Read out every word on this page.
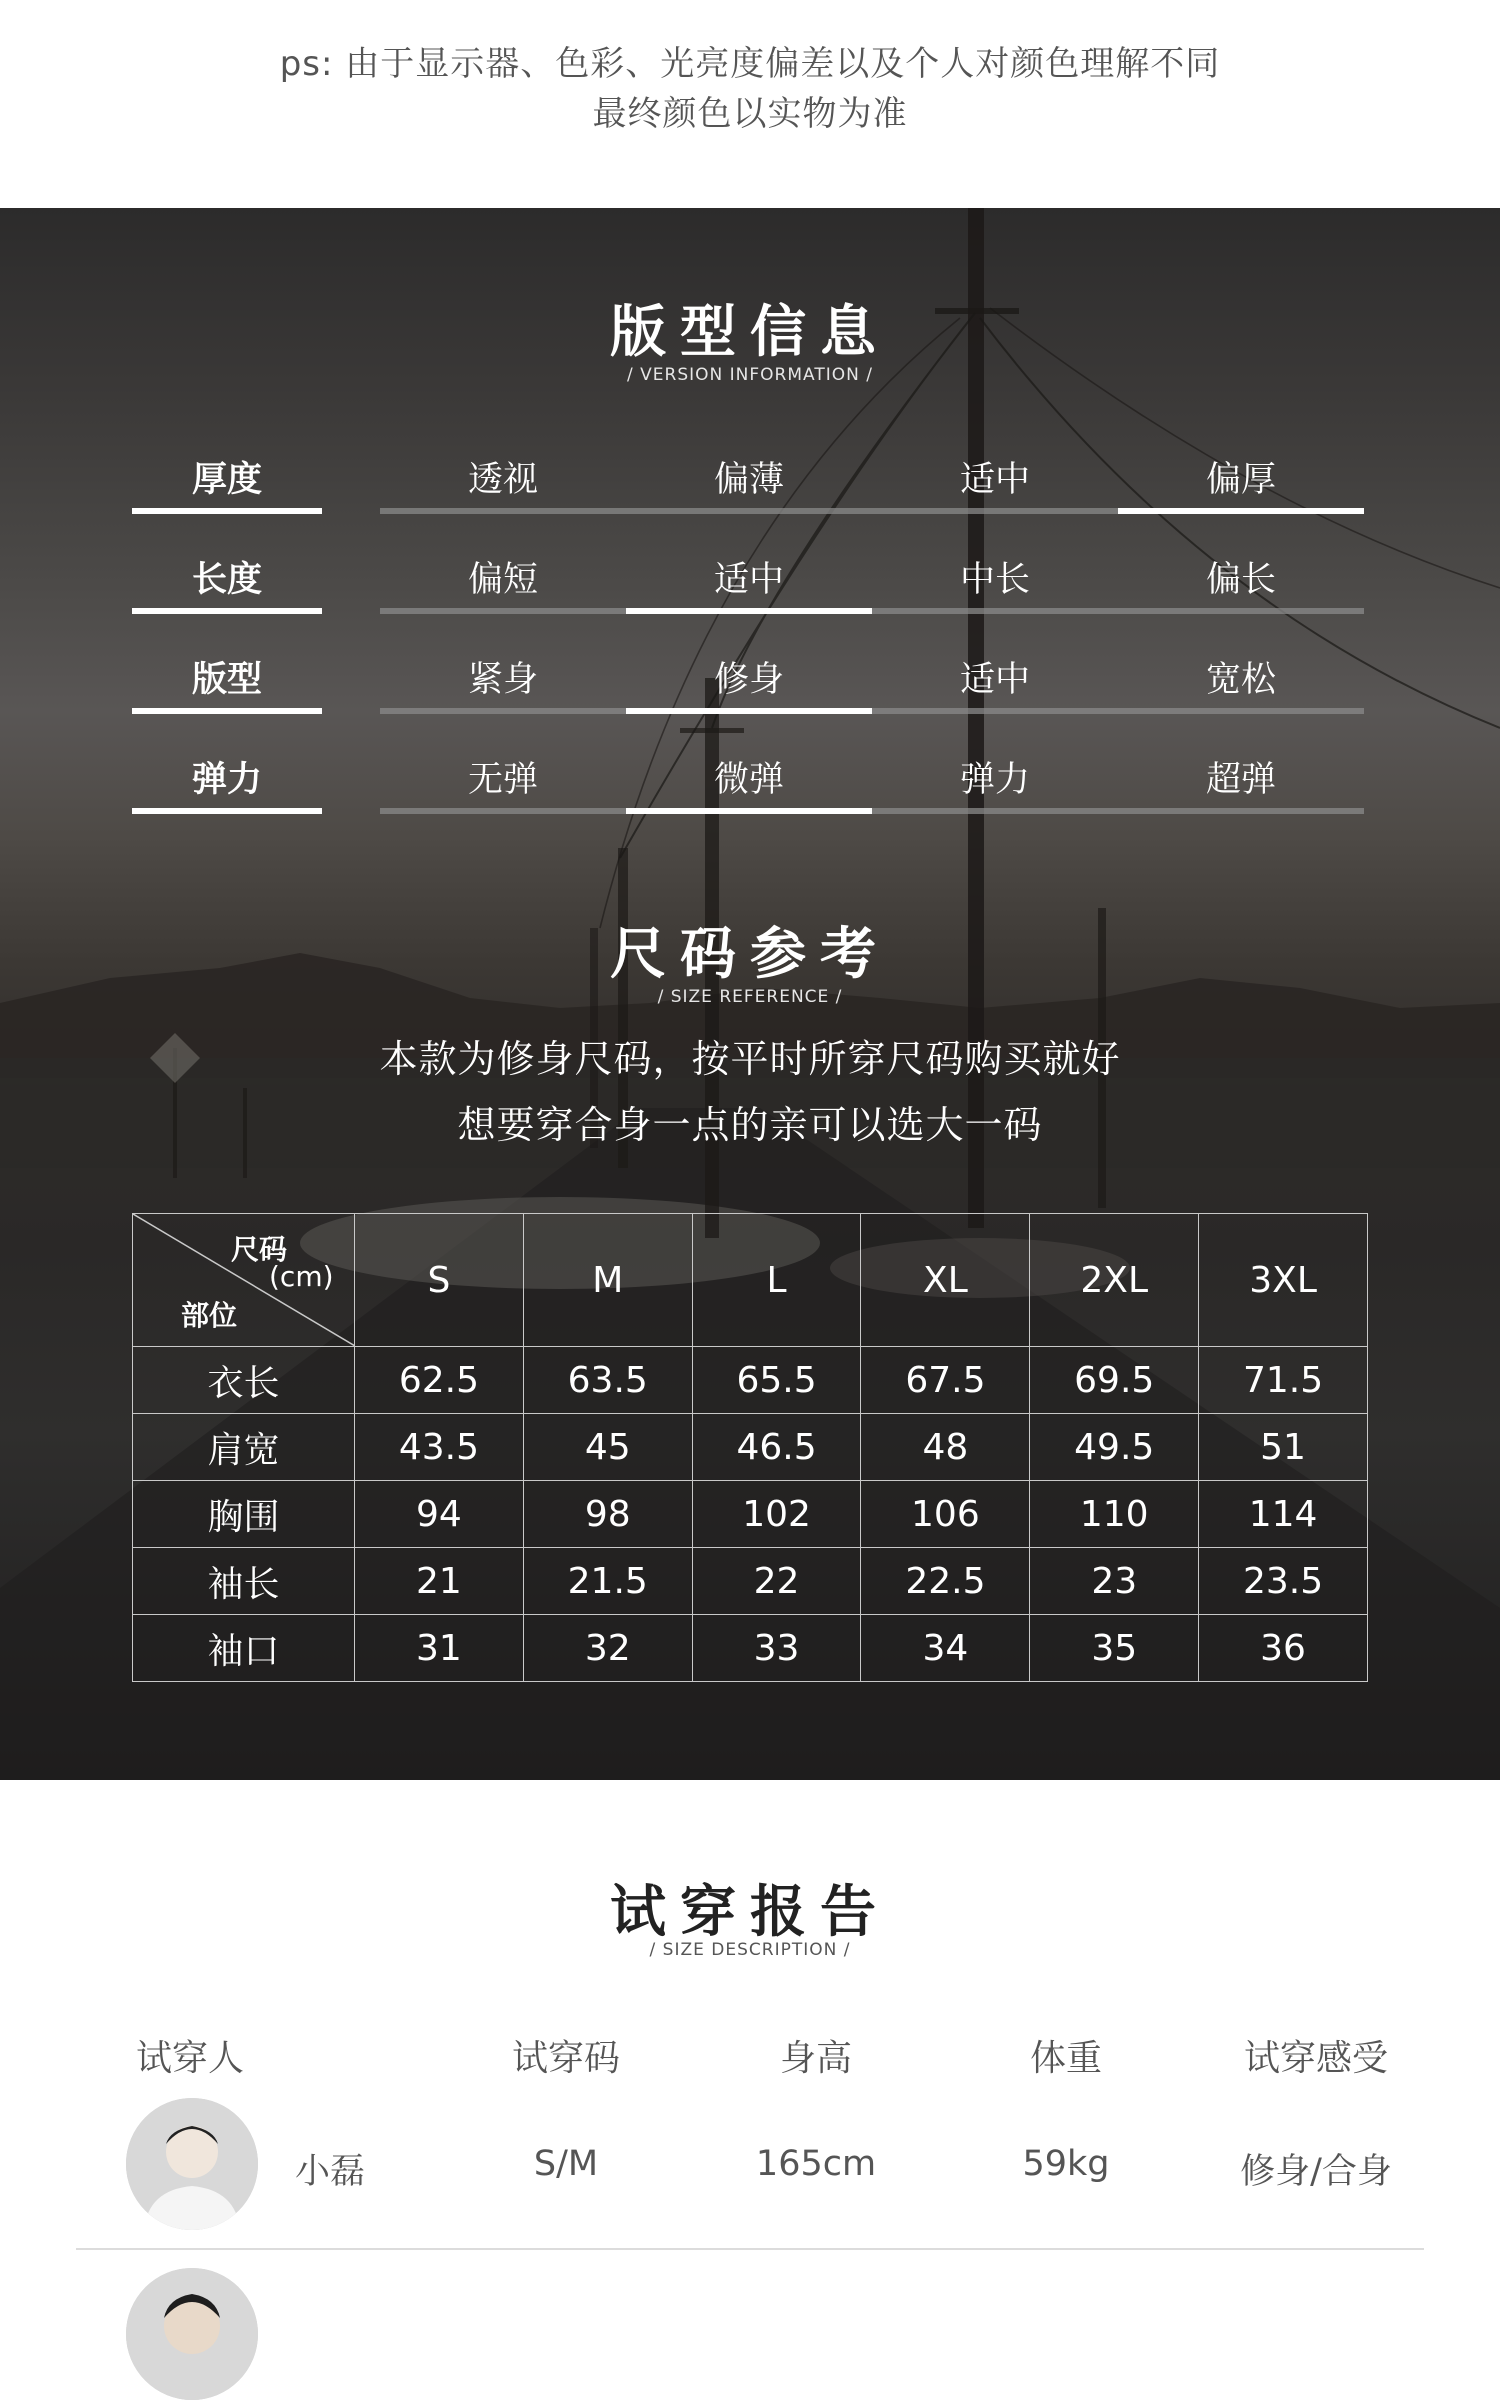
ps: 由于显示器、色彩、光亮度偏差以及个人对颜色理解不同
最终颜色以实物为准
版型信息
/ VERSION INFORMATION /
厚度	透视	偏薄	适中	偏厚
长度	偏短	适中	中长	偏长
版型	紧身	修身	适中	宽松
弹力	无弹	微弹	弹力	超弹
尺码参考
/ SIZE REFERENCE /
本款为修身尺码，按平时所穿尺码购买就好
想要穿合身一点的亲可以选大一码
尺码
(cm)
部位	S	M	L	XL	2XL	3XL
衣长	62.5	63.5	65.5	67.5	69.5	71.5
肩宽	43.5	45	46.5	48	49.5	51
胸围	94	98	102	106	110	114
袖长	21	21.5	22	22.5	23	23.5
袖口	31	32	33	34	35	36
试穿报告
/ SIZE DESCRIPTION /
试穿人	试穿码	身高	体重	试穿感受
小磊	S/M	165cm	59kg	修身/合身
